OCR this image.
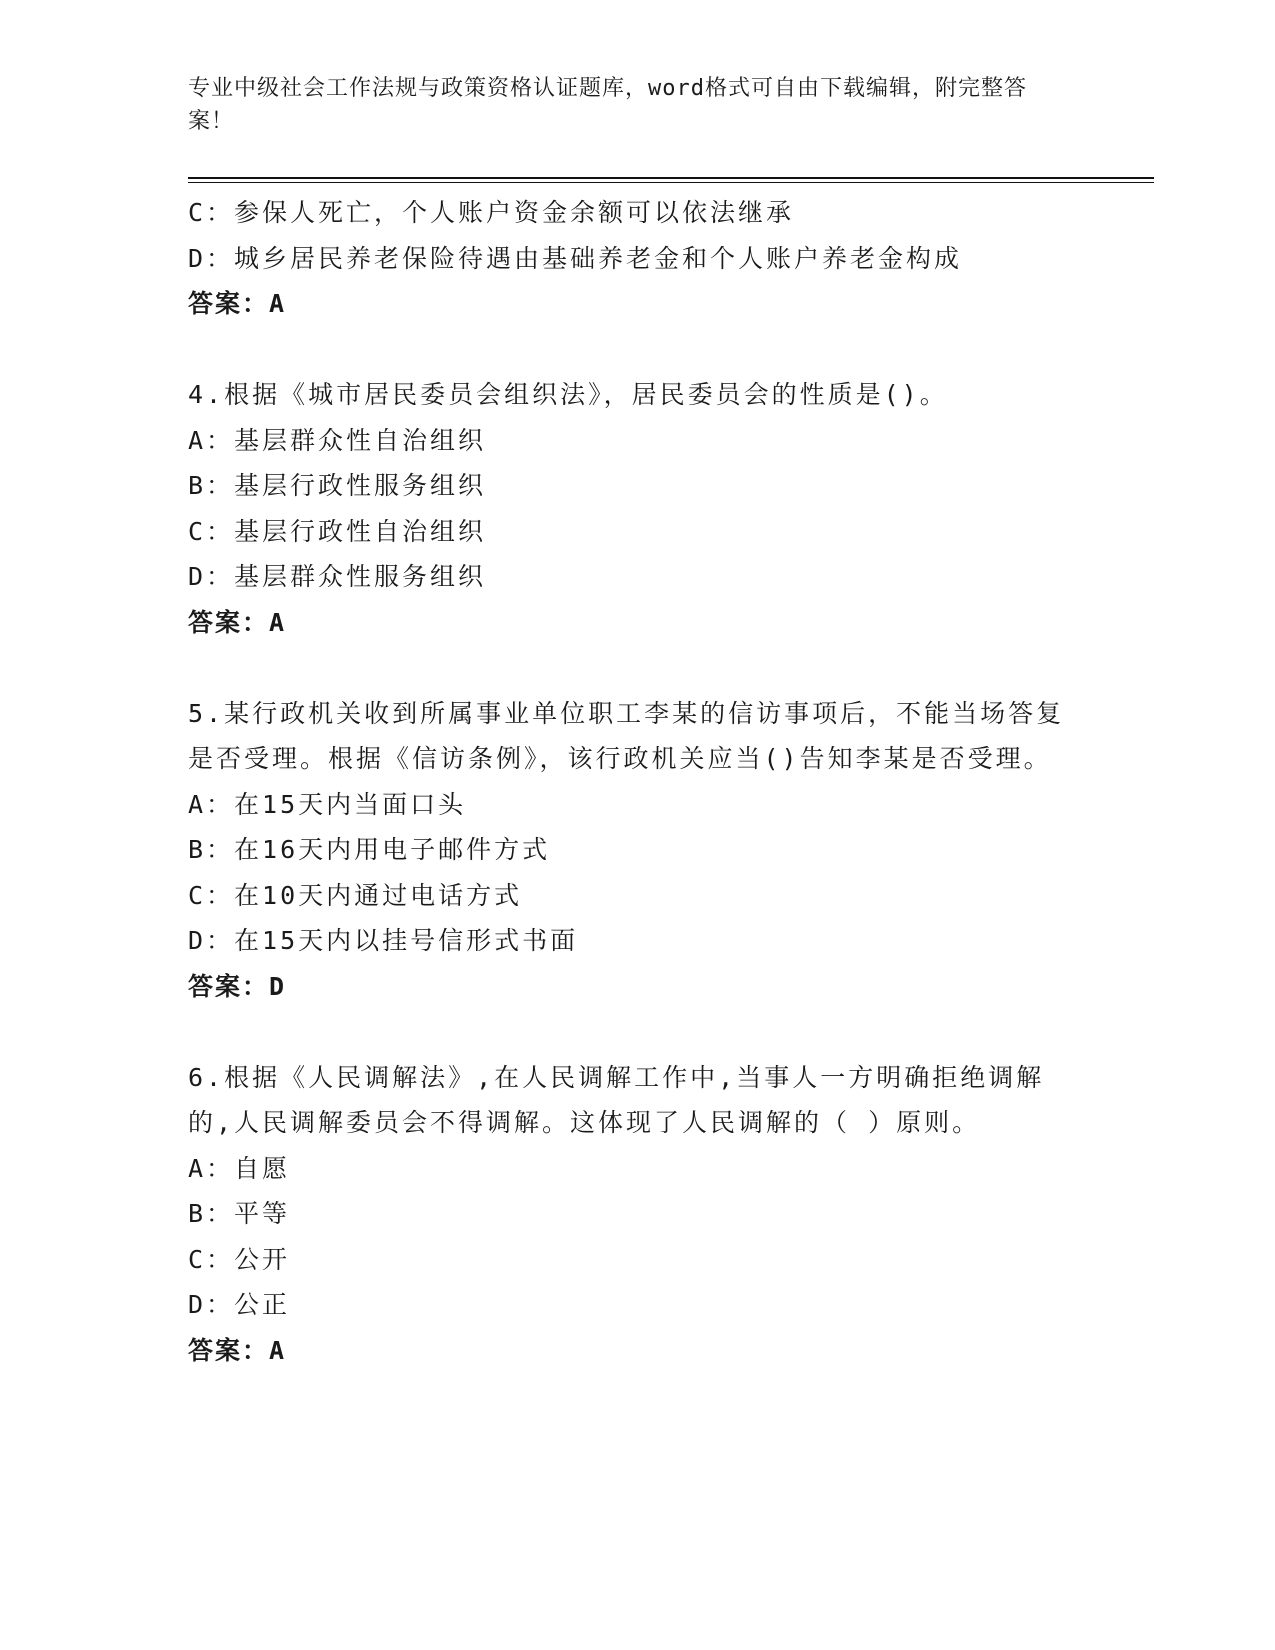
专业中级社会工作法规与政策资格认证题库，word格式可自由下载编辑，附完整答案！
C：参保人死亡，个人账户资金余额可以依法继承
D：城乡居民养老保险待遇由基础养老金和个人账户养老金构成
答案：A
4.根据《城市居民委员会组织法》，居民委员会的性质是()。
A：基层群众性自治组织
B：基层行政性服务组织
C：基层行政性自治组织
D：基层群众性服务组织
答案：A
5.某行政机关收到所属事业单位职工李某的信访事项后，不能当场答复是否受理。根据《信访条例》，该行政机关应当()告知李某是否受理。
A：在15天内当面口头
B：在16天内用电子邮件方式
C：在10天内通过电话方式
D：在15天内以挂号信形式书面
答案：D
6.根据《人民调解法》,在人民调解工作中,当事人一方明确拒绝调解的,人民调解委员会不得调解。这体现了人民调解的（ ）原则。
A：自愿
B：平等
C：公开
D：公正
答案：A
